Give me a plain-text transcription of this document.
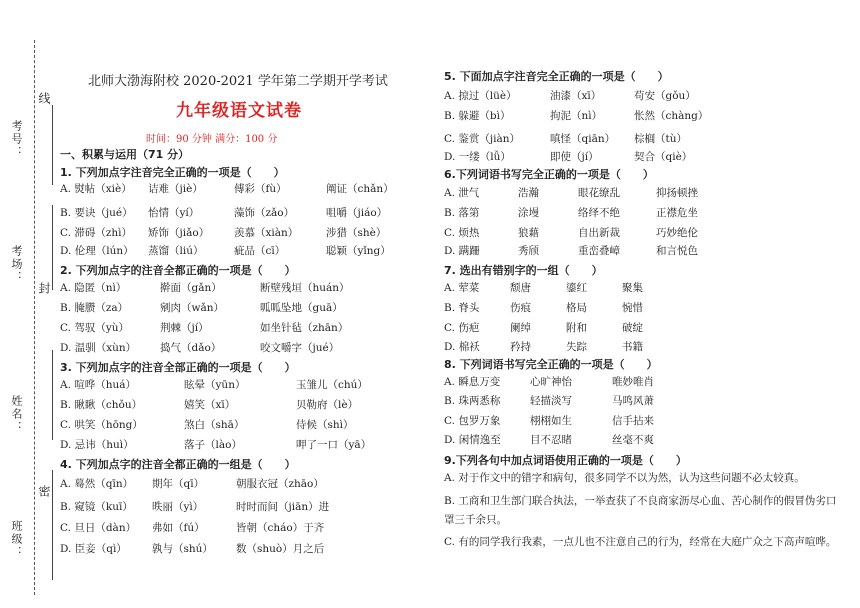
考号：
考场：
姓名：
班级：
线
封
密
北师大渤海附校 2020-2021 学年第二学期开学考试
九年级语文试卷
时间：90 分钟 满分：100 分
一、积累与运用（71 分）
1. 下列加点字注音完全正确的一项是（　　）
A. 熨帖（xiè）	诘难（jiè）	傅彩（fù）	阐证（chǎn）
B. 要诀（jué）	怡情（yí）	藻饰（zǎo）	咀嚼（jiáo）
C. 滞碍（zhì）	矫饰（jiǎo）	羡慕（xiàn）	涉猎（shè）
D. 伦理（lún）	蒸馏（liú）	疵品（cī）	聪颖（yǐng）
2. 下列加点字的注音全都正确的一项是（　　）
A. 隐匿（nì）	擀面（gǎn）	断壁残垣（huán）
B. 腌臜（za）	剜肉（wǎn）	呱呱坠地（guā）
C. 驾驭（yù）	荆棘（jí）	如坐针毡（zhān）
D. 温驯（xùn）	捣气（dǎo）	咬文嚼字（jué）
3. 下列加点字的注音全部正确的一项是（　　）
A. 喧哗（huá）	眩晕（yūn）	玉雏儿（chú）
B. 瞅瞅（chǒu）	嬉笑（xī）	贝勒府（lè）
C. 哄笑（hōng）	煞白（shā）	侍候（shì）
D. 忌讳（huì）	落子（lào）	呷了一口（yā）
4. 下列加点字的注音全都正确的一组是（　　）
A. 蓦然（qīn）	期年（qī）	朝服衣冠（zhāo）
B. 窥镜（kuī）	昳丽（yì）	时时而间（jiān）进
C. 旦日（dàn）	弗如（fú）	皆朝（cháo）于齐
D. 臣妾（qì）	孰与（shú）	数（shuò）月之后
5. 下面加点字注音完全正确的一项是（　　）
A. 掠过（lüè）	油漆（xī）	苟安（gǒu）
B. 躲避（bì）	拘泥（nì）	怅然（chàng）
C. 鉴赏（jiàn）	嗔怪（qiān）	棕榈（tù）
D. 一缕（lǚ）	即使（jí）	契合（qiè）
6.下列词语书写完全正确的一项是（　　）
A. 泄气	浩瀚	眼花缭乱	抑扬顿挫
B. 落第	涂墁	络绎不绝	正襟危坐
C. 烦热	狼藉	自出新裁	巧妙绝伦
D. 蹒跚	秀颀	重峦叠嶂	和言悦色
7. 选出有错别字的一组（　　）
A. 荤菜	颓唐	鎏红	聚集
B. 脊头	伤痕	格局	惋惜
C. 伤疤	阑绰	附和	破绽
D. 棉袄	矜持	失踪	书籍
8. 下列词语书写完全正确的一项是（　　）
A. 瞬息万变	心旷神怡	唯妙唯肖
B. 珠两悉称	轻描淡写	马鸣风萧
C. 包罗万象	栩栩如生	信手拈来
D. 闲情逸至	目不忍睹	丝毫不爽
9.下列各句中加点词语使用正确的一项是（　　）
A. 对于作文中的错字和病句，很多同学不以为然，认为这些问题不必太较真。
B. 工商和卫生部门联合执法，一举查获了不良商家沥尽心血、苦心制作的假冒伪劣口罩三千余只。
C. 有的同学我行我素，一点儿也不注意自己的行为，经常在大庭广众之下高声喧哗。
